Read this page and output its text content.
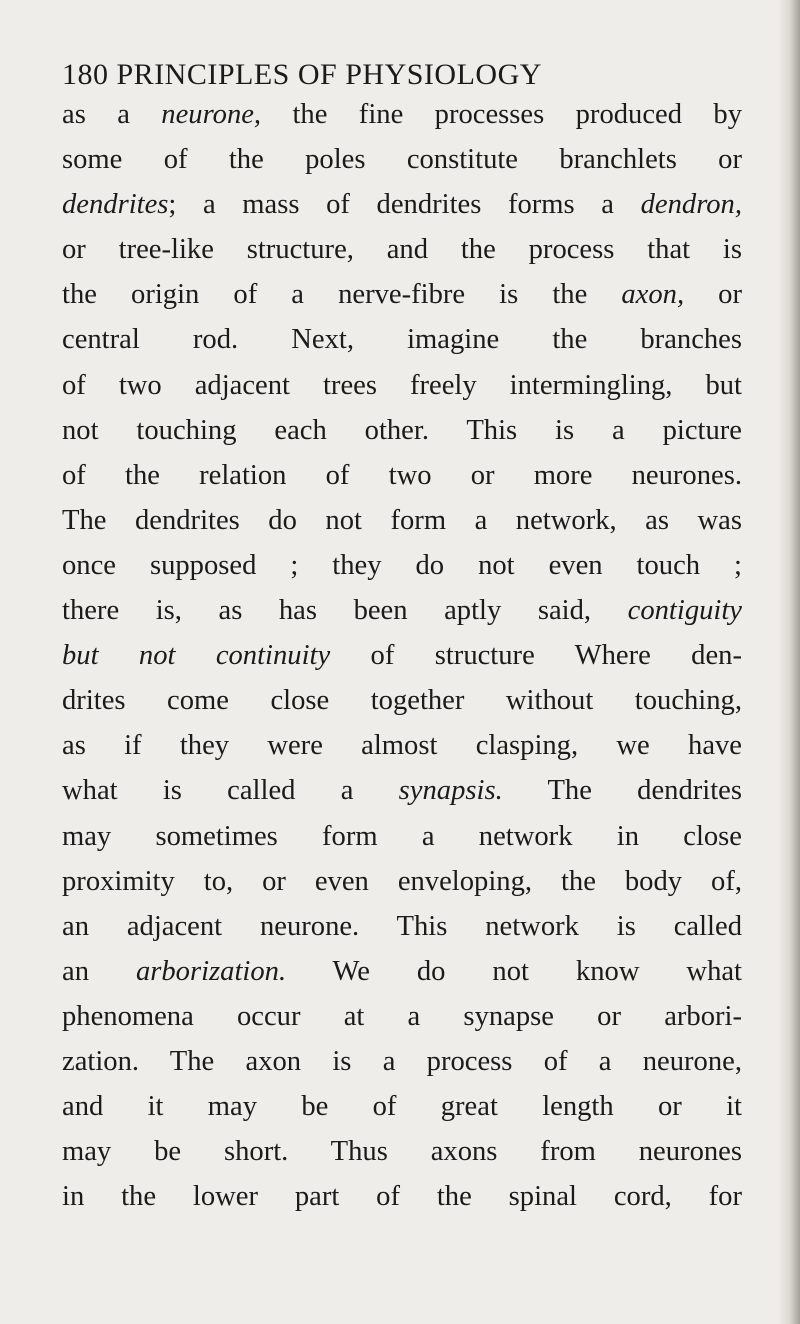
180 PRINCIPLES OF PHYSIOLOGY
as a neurone, the fine processes produced by
some of the poles constitute branchlets or
dendrites; a mass of dendrites forms a dendron,
or tree-like structure, and the process that is
the origin of a nerve-fibre is the axon, or
central rod. Next, imagine the branches
of two adjacent trees freely intermingling, but
not touching each other. This is a picture
of the relation of two or more neurones.
The dendrites do not form a network, as was
once supposed ; they do not even touch ;
there is, as has been aptly said, contiguity
but not continuity of structure Where den-
drites come close together without touching,
as if they were almost clasping, we have
what is called a synapsis. The dendrites
may sometimes form a network in close
proximity to, or even enveloping, the body of,
an adjacent neurone. This network is called
an arborization. We do not know what
phenomena occur at a synapse or arbori-
zation. The axon is a process of a neurone,
and it may be of great length or it
may be short. Thus axons from neurones
in the lower part of the spinal cord, for
